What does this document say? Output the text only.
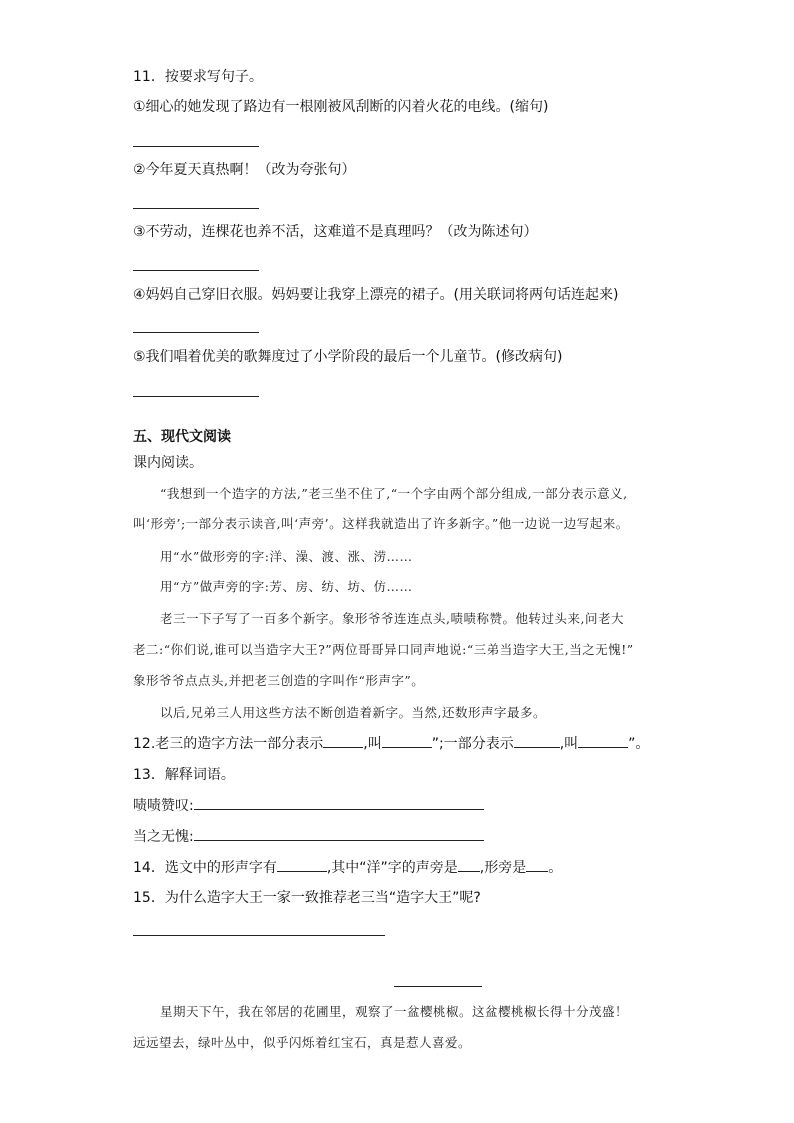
11．按要求写句子。
①细心的她发现了路边有一根刚被风刮断的闪着火花的电线。(缩句)
②今年夏天真热啊！（改为夸张句）
③不劳动，连棵花也养不活，这难道不是真理吗？（改为陈述句）
④妈妈自己穿旧衣服。妈妈要让我穿上漂亮的裙子。(用关联词将两句话连起来)
⑤我们唱着优美的歌舞度过了小学阶段的最后一个儿童节。(修改病句)
五、现代文阅读
课内阅读。
“我想到一个造字的方法,”老三坐不住了,“一个字由两个部分组成,一部分表示意义,
叫‘形旁’;一部分表示读音,叫‘声旁’。这样我就造出了许多新字。”他一边说一边写起来。
用“水”做形旁的字:洋、澡、渡、涨、涝……
用“方”做声旁的字:芳、房、纺、坊、仿……
老三一下子写了一百多个新字。象形爷爷连连点头,啧啧称赞。他转过头来,问老大
老二:“你们说,谁可以当造字大王?”两位哥哥异口同声地说:“三弟当造字大王,当之无愧!”
象形爷爷点点头,并把老三创造的字叫作“形声字”。
以后,兄弟三人用这些方法不断创造着新字。当然,还数形声字最多。
12.老三的造字方法一部分表示	,叫	”;一部分表示	,叫	”。
13．解释词语。
啧啧赞叹:
当之无愧:
14．选文中的形声字有	,其中“洋”字的声旁是 ,形旁是 。
15．为什么造字大王一家一致推荐老三当“造字大王”呢?
星期天下午，我在邻居的花圃里，观察了一盆樱桃椒。这盆樱桃椒长得十分茂盛！
远远望去，绿叶丛中，似乎闪烁着红宝石，真是惹人喜爱。
